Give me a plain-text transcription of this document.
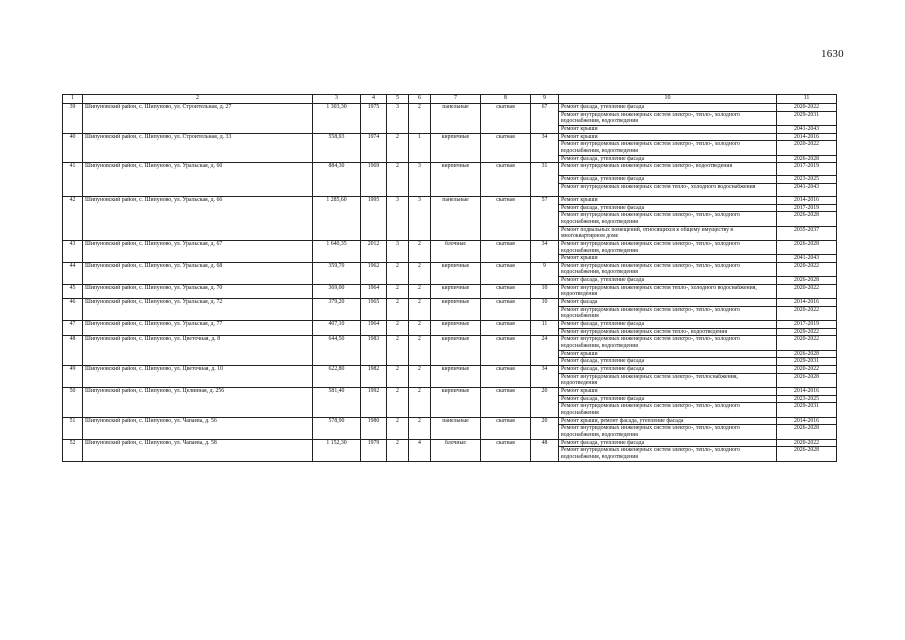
1630
1	2	3	4	5	6	7	8	9	10	11
39	Шипуновский район, с. Шипуново, ул. Строительная, д. 27	1 303,30	1975	3	2	панельные	скатная	67	Ремонт фасада, утепление фасада	2020-2022
									Ремонт внутридомовых инженерных систем электро-, тепло-, холодного водоснабжения, водоотведения	2029-2031
									Ремонт крыши	2041-2043
40	Шипуновский район, с. Шипуново, ул. Строительная, д. 33	558,93	1974	2	1	кирпичные	скатная	34	Ремонт крыши	2014-2016
									Ремонт внутридомовых инженерных систем электро-, тепло-, холодного водоснабжения, водоотведения	2020-2022
									Ремонт фасада, утепление фасада	2026-2028
41	Шипуновский район, с. Шипуново, ул. Уральская, д. 60	884,30	1969	2	3	кирпичные	скатная	31	Ремонт внутридомовых инженерных систем электро-, водоотведения	2017-2019
									Ремонт фасада, утепление фасада	2023-2025
									Ремонт внутридомовых инженерных систем тепло-, холодного водоснабжения	2041-2043
42	Шипуновский район, с. Шипуново, ул. Уральская, д. 66	1 285,60	1995	3	3	панельные	скатная	57	Ремонт крыши	2014-2016
									Ремонт фасада, утепление фасада	2017-2019
									Ремонт внутридомовых инженерных систем электро-, тепло-, холодного водоснабжения, водоотведения	2026-2028
									Ремонт подвальных помещений, относящихся к общему имуществу в многоквартирном доме	2035-2037
43	Шипуновский район, с. Шипуново, ул. Уральская, д. 67	1 640,35	2012	3	2	блочные	скатная	34	Ремонт внутридомовых инженерных систем электро-, тепло-, холодного водоснабжения, водоотведения	2026-2028
									Ремонт крыши	2041-2043
44	Шипуновский район, с. Шипуново, ул. Уральская, д. 68	359,70	1962	2	2	кирпичные	скатная	9	Ремонт внутридомовых инженерных систем электро-, тепло-, холодного водоснабжения, водоотведения	2020-2022
									Ремонт фасада, утепление фасада	2026-2028
45	Шипуновский район, с. Шипуново, ул. Уральская, д. 70	369,00	1964	2	2	кирпичные	скатная	10	Ремонт внутридомовых инженерных систем тепло-, холодного водоснабжения, водоотведения	2020-2022
46	Шипуновский район, с. Шипуново, ул. Уральская, д. 72	379,20	1965	2	2	кирпичные	скатная	10	Ремонт фасада	2014-2016
									Ремонт внутридомовых инженерных систем электро-, тепло-, холодного водоснабжения	2020-2022
47	Шипуновский район, с. Шипуново, ул. Уральская, д. 77	407,10	1964	2	2	кирпичные	скатная	11	Ремонт фасада, утепление фасада	2017-2019
									Ремонт внутридомовых инженерных систем тепло-, водоотведения	2029-2022
48	Шипуновский район, с. Шипуново, ул. Цветочная, д. 8	644,50	1983	2	2	кирпичные	скатная	24	Ремонт внутридомовых инженерных систем электро-, тепло-, холодного водоснабжения, водоотведения	2020-2022
									Ремонт крыши	2026-2028
									Ремонт фасада, утепление фасада	2029-2031
49	Шипуновский район, с. Шипуново, ул. Цветочная, д. 10	622,80	1982	2	2	кирпичные	скатная	34	Ремонт фасада, утепление фасада	2020-2022
									Ремонт внутридомовых инженерных систем электро-, теплоснабжения, водоотведения	2026-2028
50	Шипуновский район, с. Шипуново, ул. Целинная, д. 256	581,40	1992	2	2	кирпичные	скатная	20	Ремонт крыши	2014-2016
									Ремонт фасада, утепление фасада	2023-2025
									Ремонт внутридомовых инженерных систем электро-, тепло-, холодного водоснабжения	2029-2031
51	Шипуновский район, с. Шипуново, ул. Чапаева, д. 56	578,90	1980	2	2	панельные	скатная	20	Ремонт крыши, ремонт фасада, утепление фасада	2014-2016
									Ремонт внутридомовых инженерных систем электро-, тепло-, холодного водоснабжения, водоотведения	2026-2028
52	Шипуновский район, с. Шипуново, ул. Чапаева, д. 58	1 152,30	1979	2	4	блочные	скатная	48	Ремонт фасада, утепление фасада	2020-2022
									Ремонт внутридомовых инженерных систем электро-, тепло-, холодного водоснабжения, водоотведения	2026-2028
